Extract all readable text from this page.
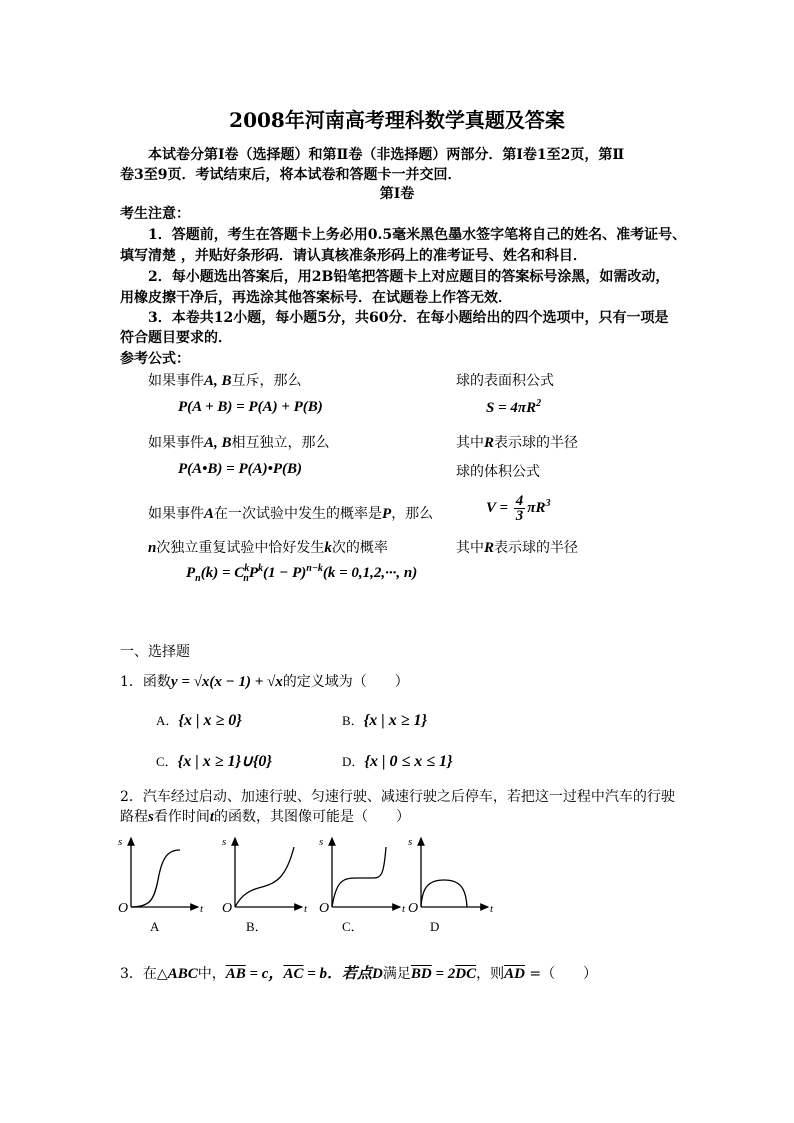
2008年河南高考理科数学真题及答案
本试卷分第Ⅰ卷（选择题）和第Ⅱ卷（非选择题）两部分．第Ⅰ卷1至2页，第Ⅱ
卷3至9页．考试结束后，将本试卷和答题卡一并交回．
第Ⅰ卷
考生注意：
1．答题前，考生在答题卡上务必用0.5毫米黑色墨水签字笔将自己的姓名、准考证号、
填写清楚 ，并贴好条形码．请认真核准条形码上的准考证号、姓名和科目．
2．每小题选出答案后，用2B铅笔把答题卡上对应题目的答案标号涂黑，如需改动，
用橡皮擦干净后，再选涂其他答案标号．在试题卷上作答无效．
3．本卷共12小题，每小题5分，共60分．在每小题给出的四个选项中，只有一项是
符合题目要求的．
参考公式：
如果事件A, B互斥，那么
P(A + B) = P(A) + P(B)
如果事件A, B相互独立，那么
P(A•B) = P(A)•P(B)
如果事件A在一次试验中发生的概率是P，那么
n次独立重复试验中恰好发生k次的概率
$P_n(k) = C^k_nP^k(1 - P)^{n-k}(k = 0,1,2,\cdot\cdot\cdot$, n)
球的表面积公式
$S = 4\pi R^2$
其中R表示球的半径
球的体积公式
$V = \frac{4}{3} \pi R^3$
其中R表示球的半径
一、选择题
1．函数y = √x(x − 1) + √x的定义域为（　　）
A．{x | x ≥ 0}	B．{x | x ≥ 1}
C．{x | x ≥ 1}∪{0}	D．{x | 0 ≤ x ≤ 1}
2．汽车经过启动、加速行驶、匀速行驶、减速行驶之后停车，若把这一过程中汽车的行驶
路程s看作时间t的函数，其图像可能是（　　）
s
t
O
A
s
t
O
B．
s
t
O
C．
s
t
O
D
3．在△ABC中，$\overline{AB} = c$，$\overline{AC} = b$．若点D满足$\overline{BD} = 2\overline{DC}$，则$\overline{AD}$ =（　　）
